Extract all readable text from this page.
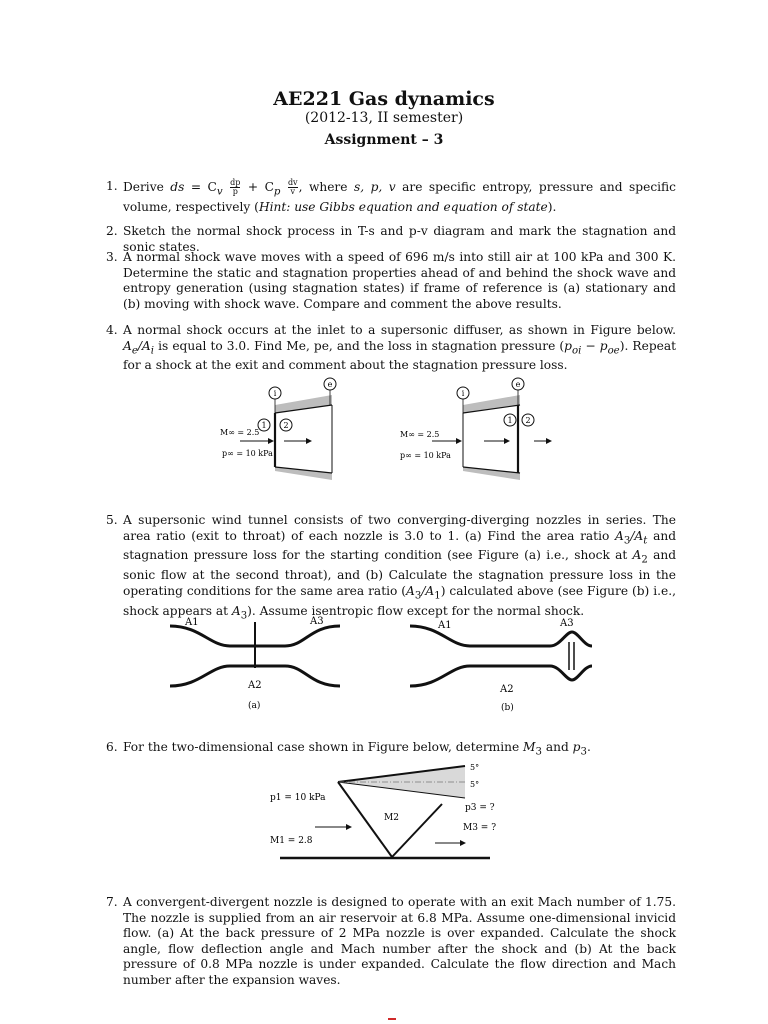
AE221 Gas dynamics
(2012-13, II semester)
Assignment – 3
1. Derive ds = $C_v \frac{dp}{p} + C_p \frac{dv}{v}$ , where s, p, v are specific entropy, pressure and specific volume, respectively (Hint: use Gibbs equation and equation of state).
2. Sketch the normal shock process in T-s and p-v diagram and mark the stagnation and sonic states.
3. A normal shock wave moves with a speed of 696 m/s into still air at 100 kPa and 300 K. Determine the static and stagnation properties ahead of and behind the shock wave and entropy generation (using stagnation states) if frame of reference is (a) stationary and (b) moving with shock wave. Compare and comment the above results.
4. A normal shock occurs at the inlet to a supersonic diffuser, as shown in Figure below. $A_e/A_i$ is equal to 3.0. Find Me, pe, and the loss in stagnation pressure $(p_{oi} - p_{oe})$. Repeat for a shock at the exit and comment about the stagnation pressure loss.
i
e
1 2
M∞ = 2.5
p∞ = 10 kPa
i
e
1 2
M∞ = 2.5
p∞ = 10 kPa
5. A supersonic wind tunnel consists of two converging-diverging nozzles in series. The area ratio (exit to throat) of each nozzle is 3.0 to 1. (a) Find the area ratio $A_3/A_t$ and stagnation pressure loss for the starting condition (see Figure (a) i.e., shock at $A_2$ and sonic flow at the second throat), and (b) Calculate the stagnation pressure loss in the operating conditions for the same area ratio $(A_3/A_1)$ calculated above (see Figure (b) i.e., shock appears at $A_3$). Assume isentropic flow except for the normal shock.
A1	A3
A2
(a)
A1	A3
A2
(b)
6. For the two-dimensional case shown in Figure below, determine $M_3$ and $p_3$.
5°
5°
p1 = 10 kPa
M2
p3 = ?
M3 = ?
M1 = 2.8
7. A convergent-divergent nozzle is designed to operate with an exit Mach number of 1.75. The nozzle is supplied from an air reservoir at 6.8 MPa. Assume one-dimensional invicid flow. (a) At the back pressure of 2 MPa nozzle is over expanded. Calculate the shock angle, flow deflection angle and Mach number after the shock and (b) At the back pressure of 0.8 MPa nozzle is under expanded. Calculate the flow direction and Mach number after the expansion waves.
